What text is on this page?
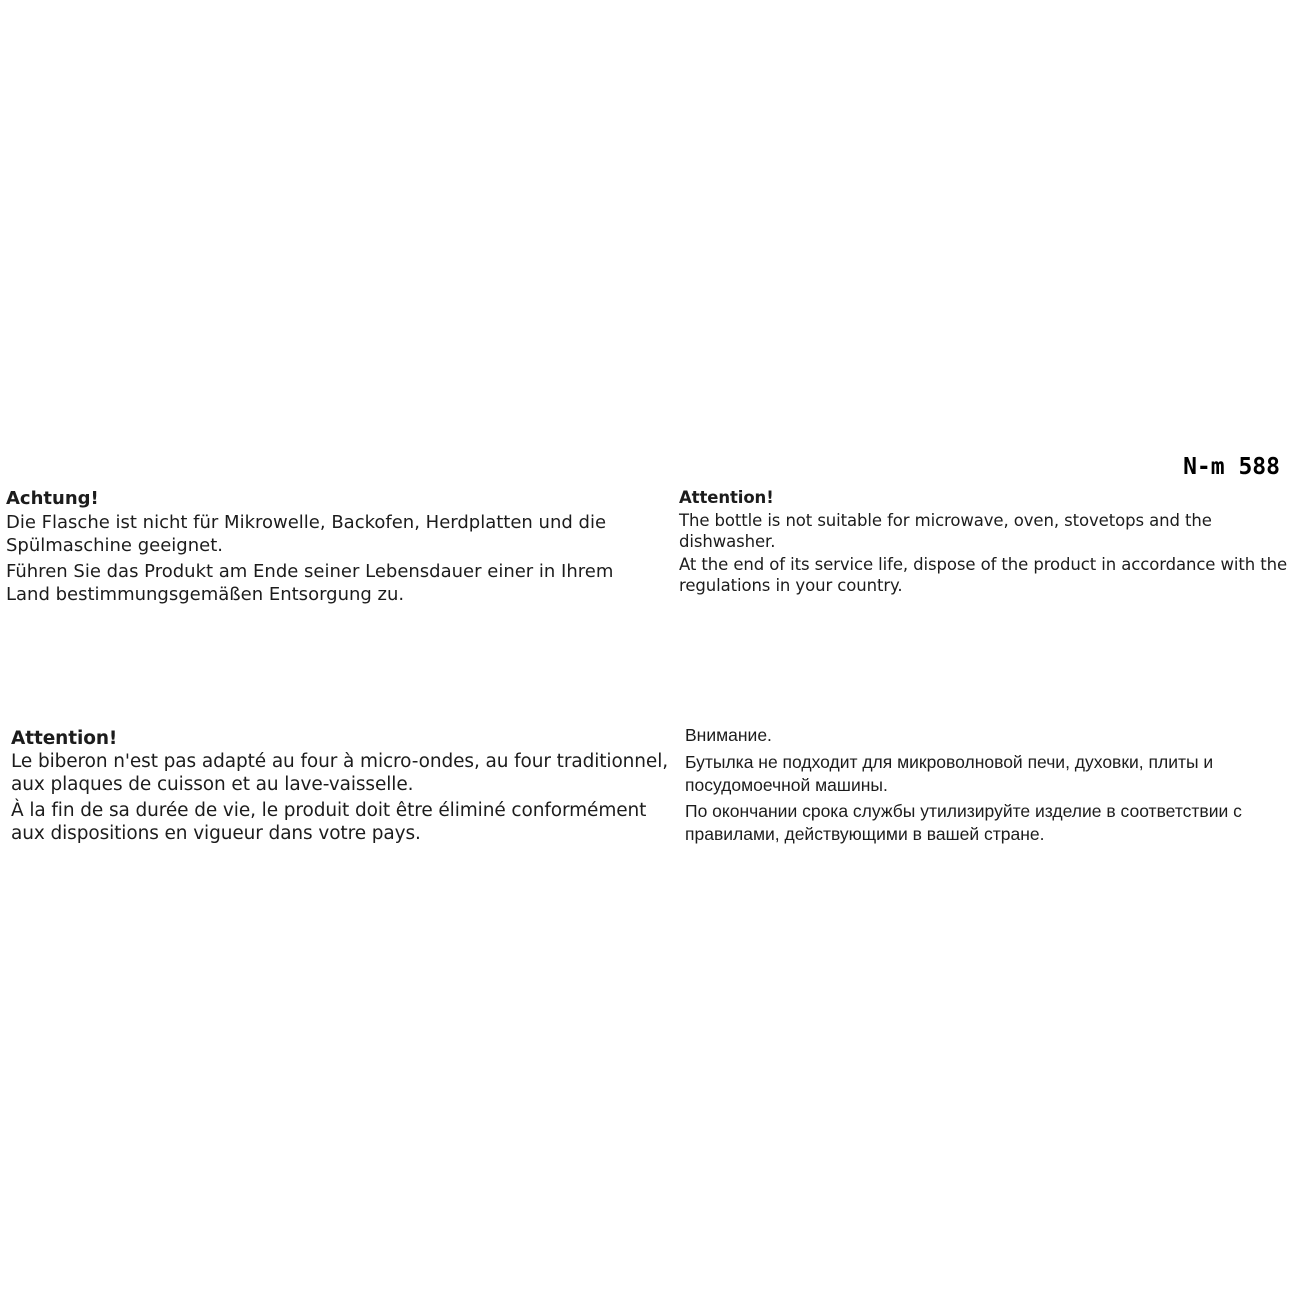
N-m 588

Achtung!

Die Flasche ist nicht für Mikrowelle, Backofen, Herdplatten und die Spülmaschine geeignet.

Führen Sie das Produkt am Ende seiner Lebensdauer einer in Ihrem Land bestimmungsgemäßen Entsorgung zu.

Attention!

The bottle is not suitable for microwave, oven, stovetops and the dishwasher.

At the end of its service life, dispose of the product in accordance with the regulations in your country.

Attention!

Le biberon n'est pas adapté au four à micro-ondes, au four traditionnel, aux plaques de cuisson et au lave-vaisselle.

À la fin de sa durée de vie, le produit doit être éliminé conformément aux dispositions en vigueur dans votre pays.

Внимание.

Бутылка не подходит для микроволновой печи, духовки, плиты и посудомоечной машины.

По окончании срока службы утилизируйте изделие в соответствии с правилами, действующими в вашей стране.
